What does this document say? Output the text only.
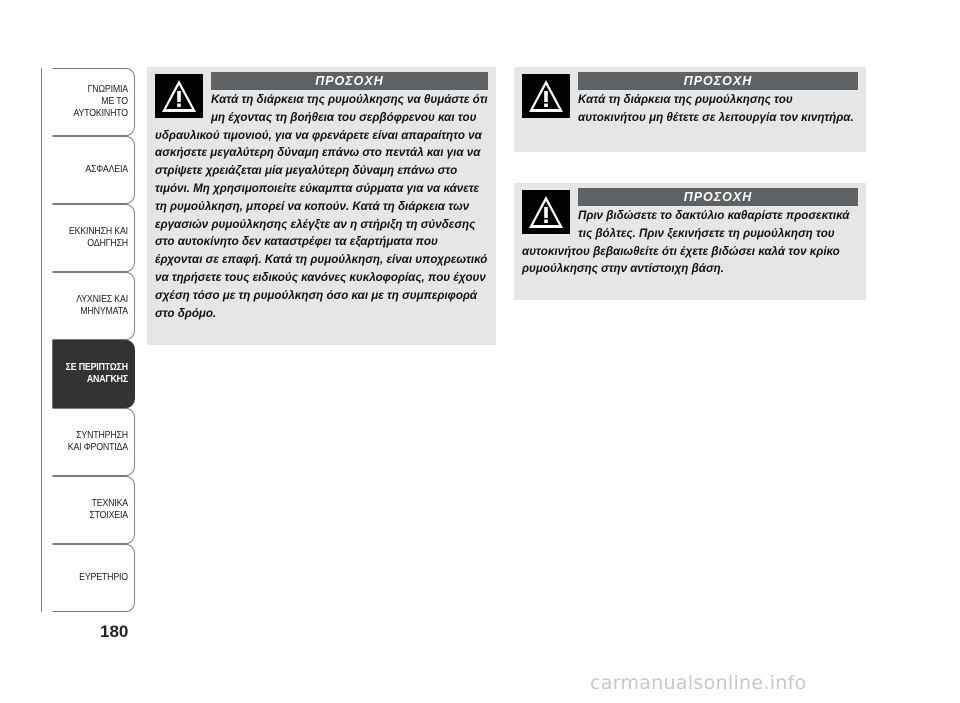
ΓΝΩΡΙΜΙΑ
ΜΕ ΤΟ
ΑΥΤΟΚΙΝΗΤΟ
ΑΣΦΑΛΕΙΑ
ΕΚΚΙΝΗΣΗ ΚΑΙ
ΟΔΗΓΗΣΗ
ΛΥΧΝΙΕΣ ΚΑΙ
ΜΗΝΥΜΑΤΑ
ΣΕ ΠΕΡΙΠΤΩΣΗ
ΑΝΑΓΚΗΣ
ΣΥΝΤΗΡΗΣΗ
ΚΑΙ ΦΡΟΝΤΙΔΑ
ΤΕΧΝΙΚΑ
ΣΤΟΙΧΕΙΑ
ΕΥΡΕΤΗΡΙΟ
180
ΠΡΟΣΟΧΗ

Κατά τη διάρκεια της ρυμούλκησης να θυμάστε ότι μη έχοντας τη βοήθεια του σερβόφρενου και του υδραυλικού τιμονιού, για να φρενάρετε είναι απαραίτητο να ασκήσετε μεγαλύτερη δύναμη επάνω στο πεντάλ και για να στρίψετε χρειάζεται μία μεγαλύτερη δύναμη επάνω στο τιμόνι. Μη χρησιμοποιείτε εύκαμπτα σύρματα για να κάνετε τη ρυμούλκηση, μπορεί να κοπούν. Κατά τη διάρκεια των εργασιών ρυμούλκησης ελέγξτε αν η στήριξη τη σύνδεσης στο αυτοκίνητο δεν καταστρέφει τα εξαρτήματα που έρχονται σε επαφή. Κατά τη ρυμούλκηση, είναι υποχρεωτικό να τηρήσετε τους ειδικούς κανόνες κυκλοφορίας, που έχουν σχέση τόσο με τη ρυμούλκηση όσο και με τη συμπεριφορά στο δρόμο.

ΠΡΟΣΟΧΗ

Κατά τη διάρκεια της ρυμούλκησης του αυτοκινήτου μη θέτετε σε λειτουργία τον κινητήρα.

ΠΡΟΣΟΧΗ

Πριν βιδώσετε το δακτύλιο καθαρίστε προσεκτικά τις βόλτες. Πριν ξεκινήσετε τη ρυμούλκηση του αυτοκινήτου βεβαιωθείτε ότι έχετε βιδώσει καλά τον κρίκο ρυμούλκησης στην αντίστοιχη βάση.

carmanualsonline.info
